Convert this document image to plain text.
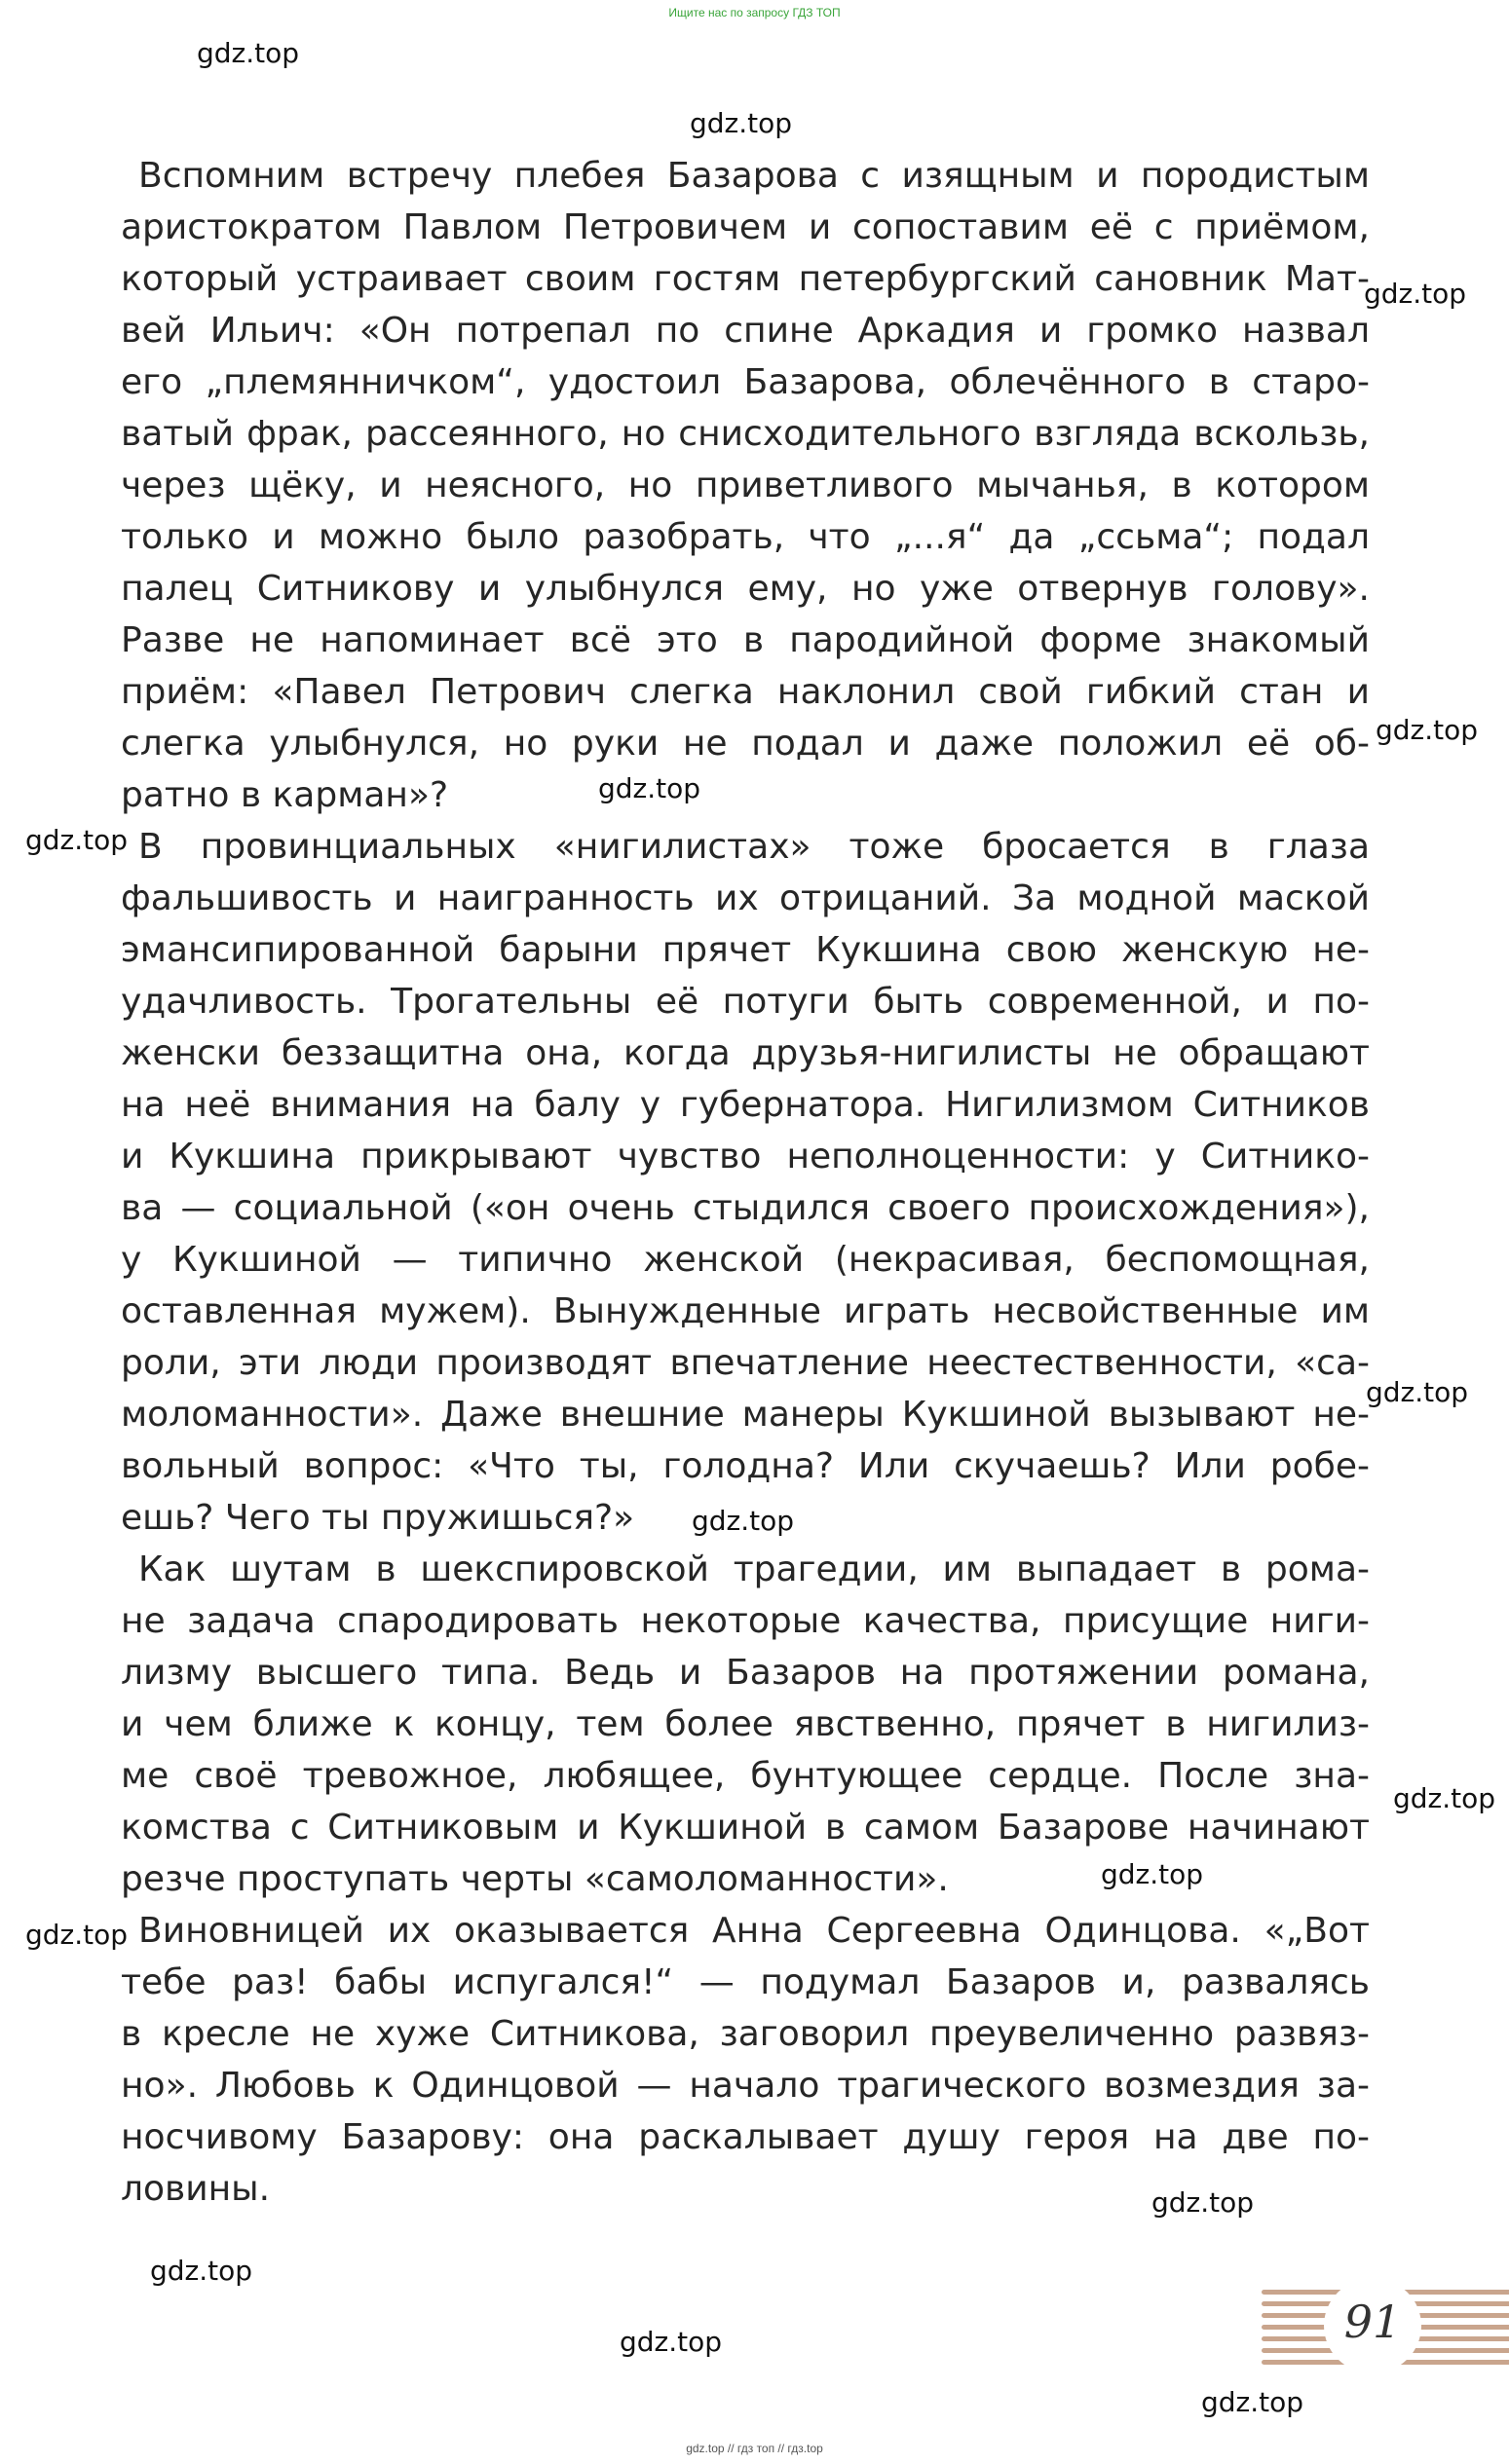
Ищите нас по запросу ГДЗ ТОП
Вспомним встречу плебея Базарова с изящным и породистым
аристократом Павлом Петровичем и сопоставим её с приёмом,
который устраивает своим гостям петербургский сановник Мат-
вей Ильич: «Он потрепал по спине Аркадия и громко назвал
его „племянничком“, удостоил Базарова, облечённого в старо-
ватый фрак, рассеянного, но снисходительного взгляда вскользь,
через щёку, и неясного, но приветливого мычанья, в котором
только и можно было разобрать, что „...я“ да „ссьма“; подал
палец Ситникову и улыбнулся ему, но уже отвернув голову».
Разве не напоминает всё это в пародийной форме знакомый
приём: «Павел Петрович слегка наклонил свой гибкий стан и
слегка улыбнулся, но руки не подал и даже положил её об-
ратно в карман»?
В провинциальных «нигилистах» тоже бросается в глаза
фальшивость и наигранность их отрицаний. За модной маской
эмансипированной барыни прячет Кукшина свою женскую не-
удачливость. Трогательны её потуги быть современной, и по-
женски беззащитна она, когда друзья-нигилисты не обращают
на неё внимания на балу у губернатора. Нигилизмом Ситников
и Кукшина прикрывают чувство неполноценности: у Ситнико-
ва — социальной («он очень стыдился своего происхождения»),
у Кукшиной — типично женской (некрасивая, беспомощная,
оставленная мужем). Вынужденные играть несвойственные им
роли, эти люди производят впечатление неестественности, «са-
моломанности». Даже внешние манеры Кукшиной вызывают не-
вольный вопрос: «Что ты, голодна? Или скучаешь? Или робе-
ешь? Чего ты пружишься?»
Как шутам в шекспировской трагедии, им выпадает в рома-
не задача спародировать некоторые качества, присущие ниги-
лизму высшего типа. Ведь и Базаров на протяжении романа,
и чем ближе к концу, тем более явственно, прячет в нигилиз-
ме своё тревожное, любящее, бунтующее сердце. После зна-
комства с Ситниковым и Кукшиной в самом Базарове начинают
резче проступать черты «самоломанности».
Виновницей их оказывается Анна Сергеевна Одинцова. «„Вот
тебе раз! бабы испугался!“ — подумал Базаров и, развалясь
в кресле не хуже Ситникова, заговорил преувеличенно развяз-
но». Любовь к Одинцовой — начало трагического возмездия за-
носчивому Базарову: она раскалывает душу героя на две по-
ловины.
gdz.top
gdz.top
gdz.top
gdz.top
gdz.top
gdz.top
gdz.top
gdz.top
gdz.top
gdz.top
gdz.top
gdz.top
gdz.top
gdz.top
gdz.top
91
gdz.top // гдз топ // гдз.top
